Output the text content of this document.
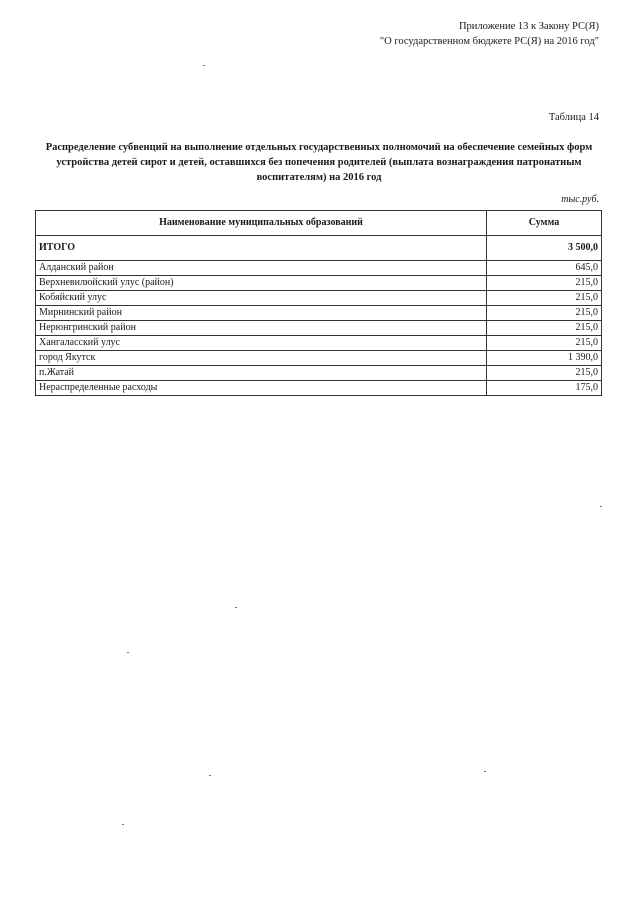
Приложение 13 к Закону РС(Я)
"О государственном бюджете РС(Я) на 2016 год"
Таблица 14
Распределение субвенций на выполнение отдельных государственных полномочий на обеспечение семейных форм устройства детей сирот и детей, оставшихся без попечения родителей (выплата вознаграждения патронатным воспитателям) на 2016 год
тыс.руб.
Наименование муниципальных образований	Сумма
ИТОГО	3 500,0
Алданский район	645,0
Верхневилюйский улус (район)	215,0
Кобяйский улус	215,0
Мирнинский район	215,0
Нерюнгринский район	215,0
Хангаласский улус	215,0
город Якутск	1 390,0
п.Жатай	215,0
Нераспределенные расходы	175,0
